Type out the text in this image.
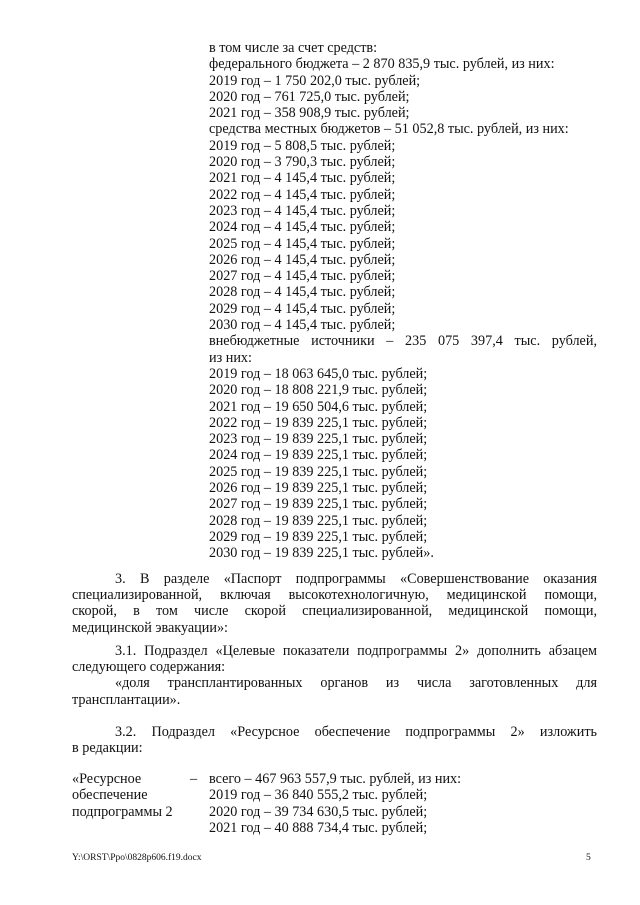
в том числе за счет средств:
федерального бюджета – 2 870 835,9 тыс. рублей, из них:
2019 год – 1 750 202,0 тыс. рублей;
2020 год – 761 725,0 тыс. рублей;
2021 год – 358 908,9 тыс. рублей;
средства местных бюджетов – 51 052,8 тыс. рублей, из них:
2019 год – 5 808,5 тыс. рублей;
2020 год – 3 790,3 тыс. рублей;
2021 год – 4 145,4 тыс. рублей;
2022 год – 4 145,4 тыс. рублей;
2023 год – 4 145,4 тыс. рублей;
2024 год – 4 145,4 тыс. рублей;
2025 год – 4 145,4 тыс. рублей;
2026 год – 4 145,4 тыс. рублей;
2027 год – 4 145,4 тыс. рублей;
2028 год – 4 145,4 тыс. рублей;
2029 год – 4 145,4 тыс. рублей;
2030 год – 4 145,4 тыс. рублей;
внебюджетные источники – 235 075 397,4 тыс. рублей,
из них:
2019 год – 18 063 645,0 тыс. рублей;
2020 год – 18 808 221,9 тыс. рублей;
2021 год – 19 650 504,6 тыс. рублей;
2022 год – 19 839 225,1 тыс. рублей;
2023 год – 19 839 225,1 тыс. рублей;
2024 год – 19 839 225,1 тыс. рублей;
2025 год – 19 839 225,1 тыс. рублей;
2026 год – 19 839 225,1 тыс. рублей;
2027 год – 19 839 225,1 тыс. рублей;
2028 год – 19 839 225,1 тыс. рублей;
2029 год – 19 839 225,1 тыс. рублей;
2030 год – 19 839 225,1 тыс. рублей».
3. В разделе «Паспорт подпрограммы «Совершенствование оказания
специализированной, включая высокотехнологичную, медицинской помощи,
скорой, в том числе скорой специализированной, медицинской помощи,
медицинской эвакуации»:
3.1. Подраздел «Целевые показатели подпрограммы 2» дополнить абзацем
следующего содержания:
«доля трансплантированных органов из числа заготовленных для
трансплантации».
3.2. Подраздел «Ресурсное обеспечение подпрограммы 2» изложить
в редакции:
«Ресурсное
обеспечение
подпрограммы 2
– всего – 467 963 557,9 тыс. рублей, из них:
2019 год – 36 840 555,2 тыс. рублей;
2020 год – 39 734 630,5 тыс. рублей;
2021 год – 40 888 734,4 тыс. рублей;
Y:\ORST\Ppo\0828p606.f19.docx	5
